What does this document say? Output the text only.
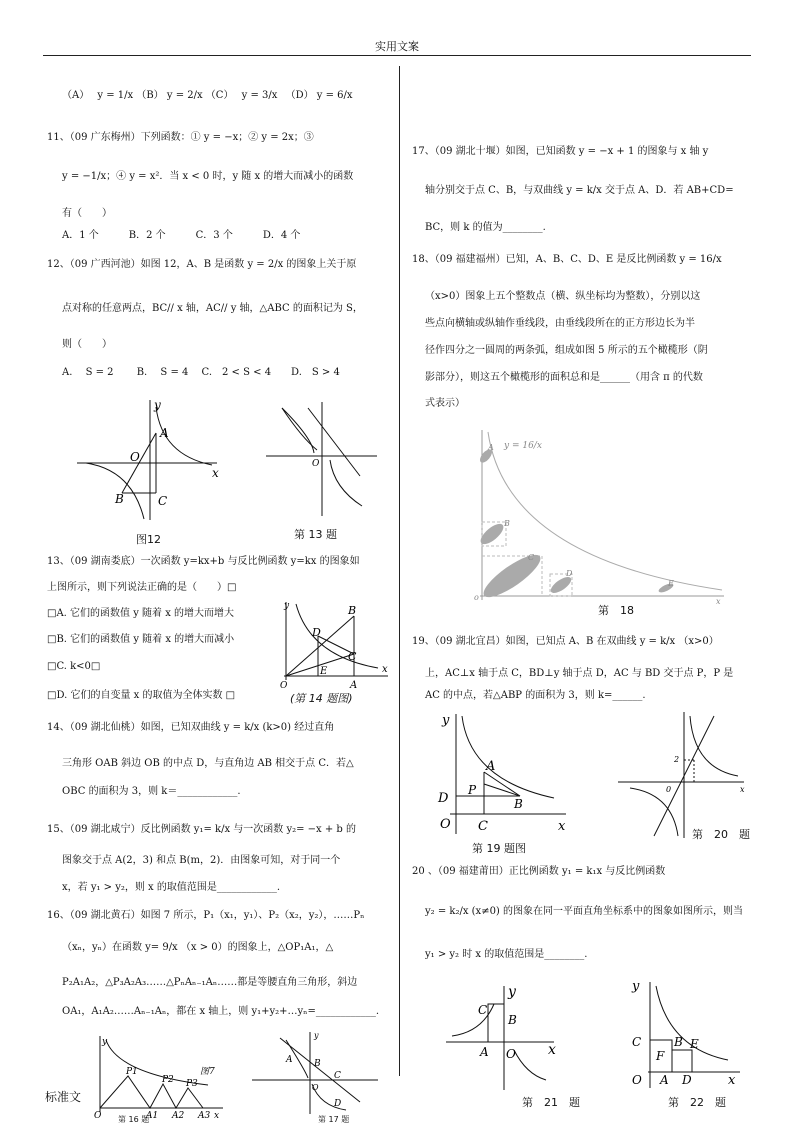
实用文案
（A）　 y = 1/x （B） y = 2/x （C）　 y = 3/x 　（D） y = 6/x
11、（09 广东梅州）下列函数：① y = −x；② y = 2x；③
y = −1/x；④ y = x²．当 x < 0 时，y 随 x 的增大而减小的函数
有（　　）
A．1 个　　　B．2 个　　　C．3 个　　　D．4 个
12、（09 广西河池）如图 12，A、B 是函数 y = 2/x 的图象上关于原
点对称的任意两点，BC// x 轴，AC// y 轴，△ABC 的面积记为 S，
则（　　）
A.　 S = 2　　 B.　 S = 4　 C.　2 < S < 4　　D.　S > 4
A
B	C
O
x
y
图12
O
第 13 题
13、（09 湖南娄底）一次函数 y=kx+b 与反比例函数 y=kx 的图象如
上图所示，则下列说法正确的是（　　）□
□A. 它们的函数值 y 随着 x 的增大而增大
□B. 它们的函数值 y 随着 x 的增大而减小
□C. k<0□
□D. 它们的自变量 x 的取值为全体实数 □
D
B
C
E
A
O
x
y
(第 14 题图)
14、（09 湖北仙桃）如图，已知双曲线 y = k/x (k>0) 经过直角
三角形 OAB 斜边 OB 的中点 D，与直角边 AB 相交于点 C．若△
OBC 的面积为 3，则 k＝____________.
15、（09 湖北咸宁）反比例函数 y₁= k/x 与一次函数 y₂= −x + b 的
图象交于点 A(2，3) 和点 B(m，2)．由图象可知，对于同一个
x，若 y₁ > y₂，则 x 的取值范围是____________.
16、（09 湖北黄石）如图 7 所示，P₁（x₁，y₁）、P₂（x₂，y₂），……Pₙ
（xₙ，yₙ）在函数 y= 9/x （x > 0）的图象上，△OP₁A₁，△
P₂A₁A₂，△P₃A₂A₃……△PₙAₙ₋₁Aₙ……都是等腰直角三角形，斜边
OA₁，A₁A₂……Aₙ₋₁Aₙ，都在 x 轴上，则 y₁+y₂+…yₙ=____________.
P1
P2 P3
A1 A2 A3
O	x
y
图7
第 16 题
A B
C
D
O
y
第 17 题
标准文
17、（09 湖北十堰）如图，已知函数 y = −x + 1 的图象与 x 轴 y
轴分别交于点 C、B，与双曲线 y = k/x 交于点 A、D．若 AB+CD=
BC，则 k 的值为________.
18、（09 福建福州）已知，A、B、C、D、E 是反比例函数 y = 16/x
（x>0）图象上五个整数点（横、纵坐标均为整数），分别以这
些点向横轴或纵轴作垂线段，由垂线段所在的正方形边长为半
径作四分之一圆周的两条弧，组成如图 5 所示的五个橄榄形（阴
影部分），则这五个橄榄形的面积总和是______（用含 π 的代数
式表示）
y = 16/x
C
D
B
E
A
x
o
第　18
19、（09 湖北宜昌）如图，已知点 A、B 在双曲线 y = k/x （x>0）
上，AC⊥x 轴于点 C，BD⊥y 轴于点 D，AC 与 BD 交于点 P，P 是
AC 的中点，若△ABP 的面积为 3，则 k=______.
A
P
B
D
C
O	x
y
第 19 题图
2
0	x
第　20　题
20 、（09 福建莆田）正比例函数 y₁ = k₁x 与反比例函数
y₂ = k₂/x (x≠0) 的图象在同一平面直角坐标系中的图象如图所示，则当
y₁ > y₂ 时 x 的取值范围是________.
C
B
A O x
y
第　21　题
C	B E
F
A D
O	x
y
第　22　题
